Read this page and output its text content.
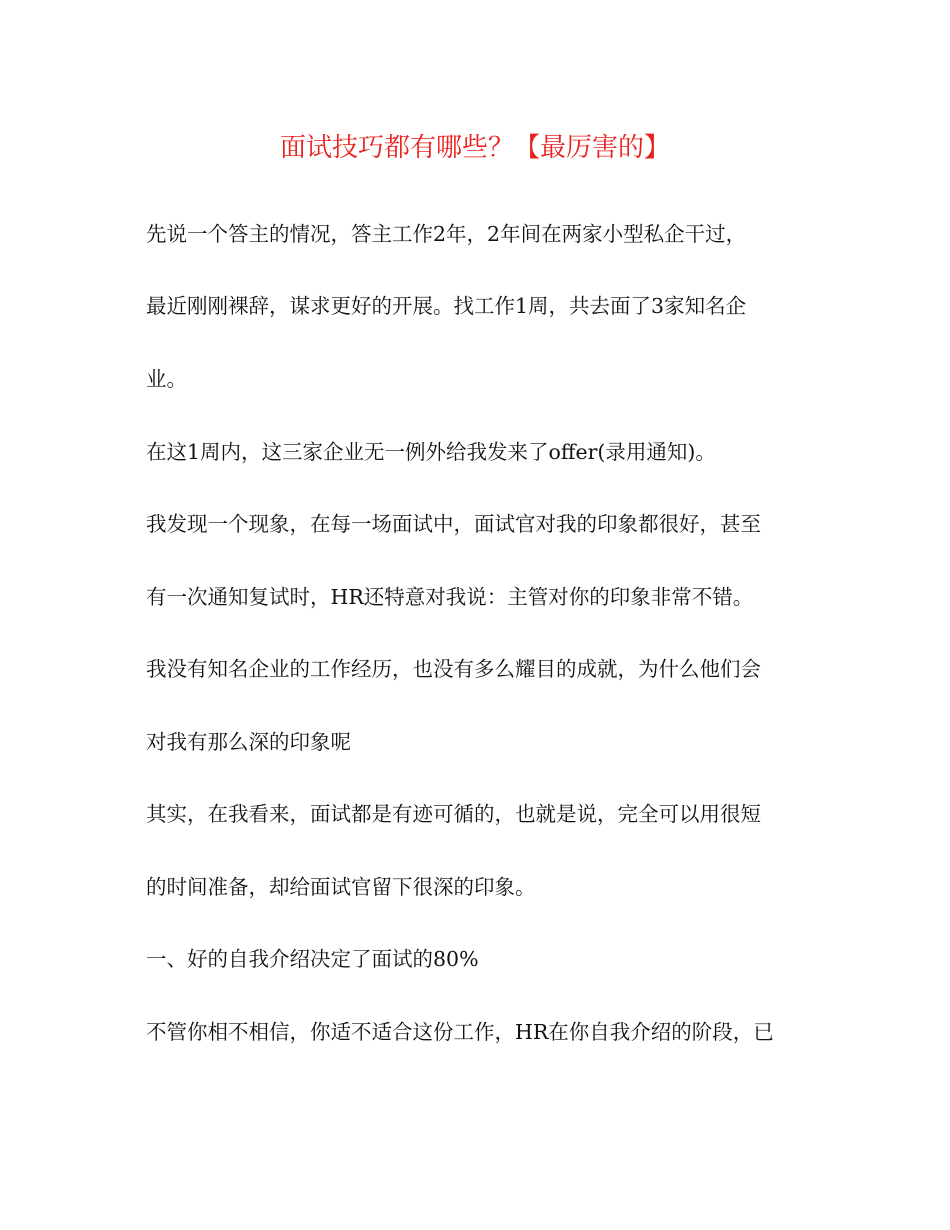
面试技巧都有哪些？【最厉害的】

先说一个答主的情况，答主工作2年，2年间在两家小型私企干过，

最近刚刚裸辞，谋求更好的开展。找工作1周，共去面了3家知名企

业。

在这1周内，这三家企业无一例外给我发来了offer(录用通知)。

我发现一个现象，在每一场面试中，面试官对我的印象都很好，甚至

有一次通知复试时，HR还特意对我说：主管对你的印象非常不错。

我没有知名企业的工作经历，也没有多么耀目的成就，为什么他们会

对我有那么深的印象呢

其实，在我看来，面试都是有迹可循的，也就是说，完全可以用很短

的时间准备，却给面试官留下很深的印象。

一、好的自我介绍决定了面试的80%

不管你相不相信，你适不适合这份工作，HR在你自我介绍的阶段，已
